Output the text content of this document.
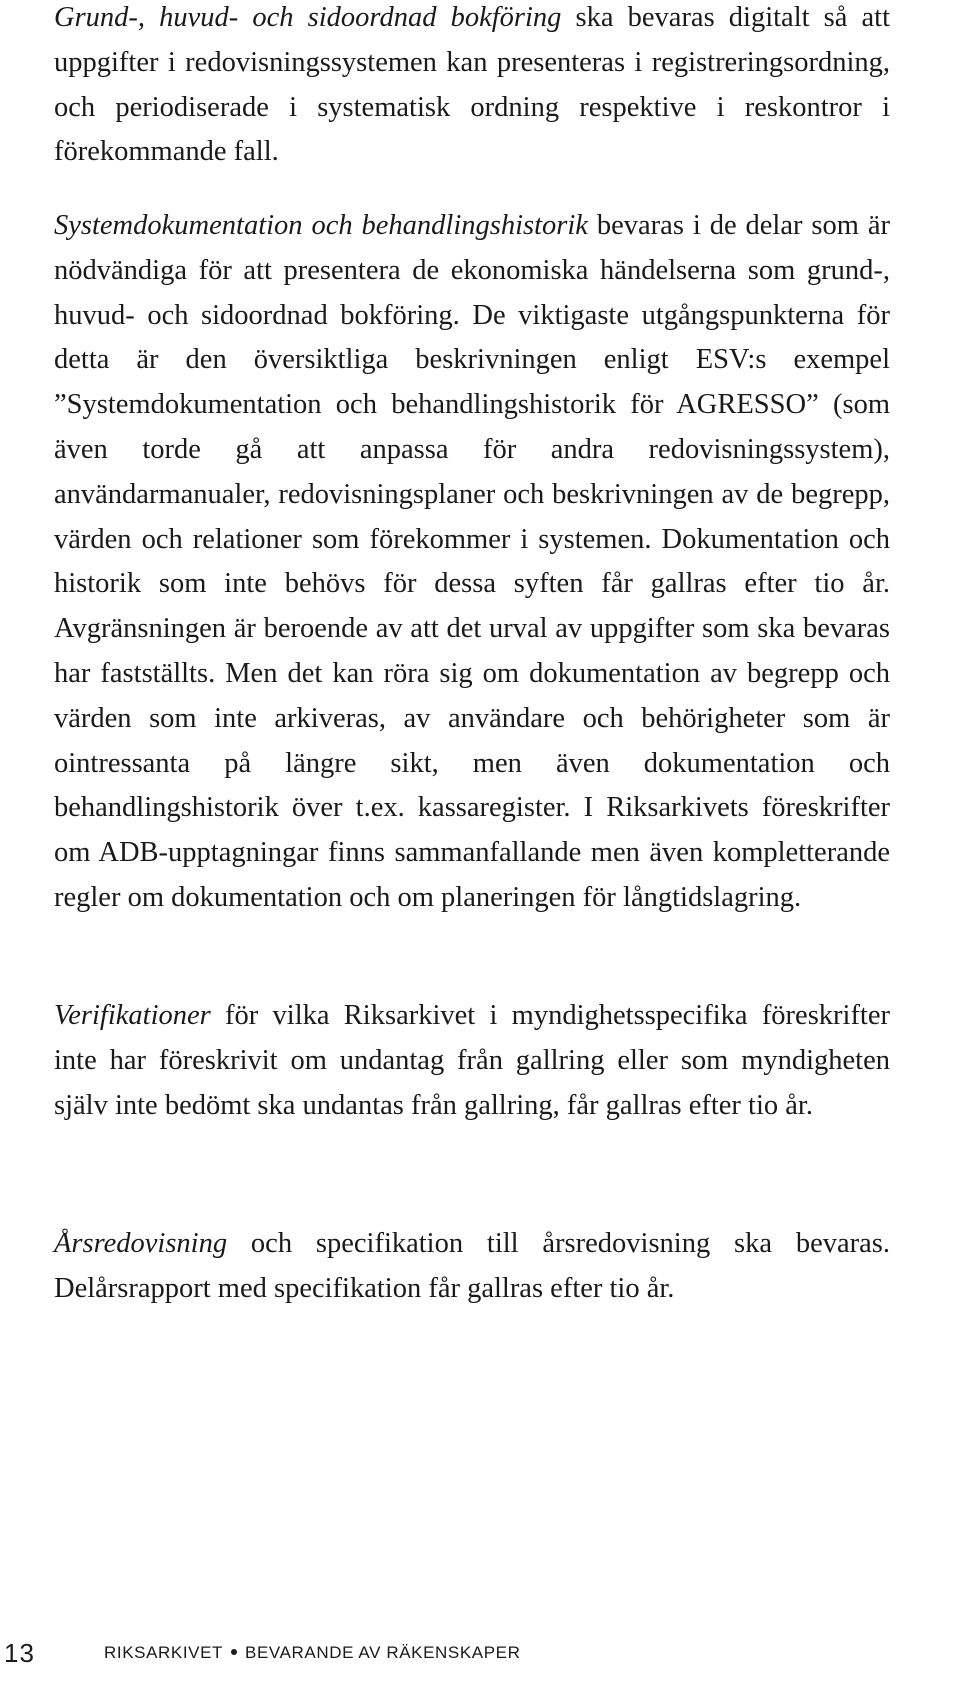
Grund-, huvud- och sidoordnad bokföring ska bevaras digitalt så att uppgifter i redovisningssystemen kan presenteras i registreringsordning, och periodiserade i systematisk ordning respektive i reskontror i förekommande fall.

Systemdokumentation och behandlingshistorik bevaras i de delar som är nödvändiga för att presentera de ekonomiska händelserna som grund-, huvud- och sidoordnad bokföring. De viktigaste utgångspunkterna för detta är den översiktliga beskrivningen enligt ESV:s exempel ”Systemdokumentation och behandlingshistorik för AGRESSO” (som även torde gå att anpassa för andra redovisningssystem), användarmanualer, redovisningsplaner och beskrivningen av de begrepp, värden och relationer som förekommer i systemen. Dokumentation och historik som inte behövs för dessa syften får gallras efter tio år. Avgränsningen är beroende av att det urval av uppgifter som ska bevaras har fastställts. Men det kan röra sig om dokumentation av begrepp och värden som inte arkiveras, av användare och behörigheter som är ointressanta på längre sikt, men även dokumentation och behandlingshistorik över t.ex. kassaregister. I Riksarkivets föreskrifter om ADB-upptagningar finns sammanfallande men även kompletterande regler om dokumentation och om planeringen för långtidslagring.

Verifikationer för vilka Riksarkivet i myndighetsspecifika föreskrifter inte har föreskrivit om undantag från gallring eller som myndigheten själv inte bedömt ska undantas från gallring, får gallras efter tio år.

Årsredovisning och specifikation till årsredovisning ska bevaras. Delårsrapport med specifikation får gallras efter tio år.

13	RIKSARKIVET BEVARANDE AV RÄKENSKAPER
